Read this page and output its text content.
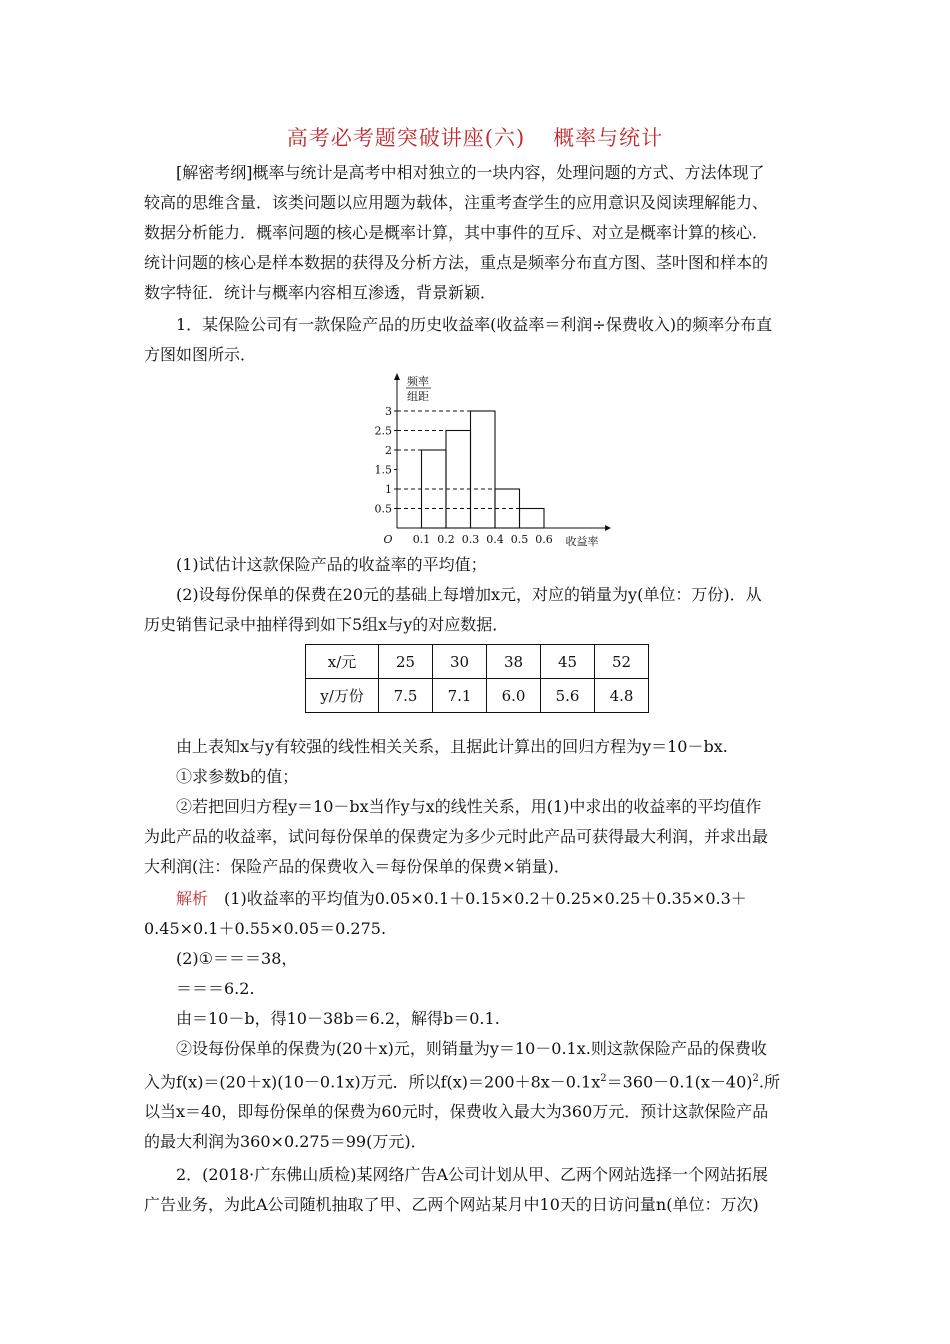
高考必考题突破讲座(六) 概率与统计

[解密考纲]概率与统计是高考中相对独立的一块内容，处理问题的方式、方法体现了

较高的思维含量．该类问题以应用题为载体，注重考查学生的应用意识及阅读理解能力、

数据分析能力．概率问题的核心是概率计算，其中事件的互斥、对立是概率计算的核心．

统计问题的核心是样本数据的获得及分析方法，重点是频率分布直方图、茎叶图和样本的

数字特征．统计与概率内容相互渗透，背景新颖．

1．某保险公司有一款保险产品的历史收益率(收益率＝利润÷保费收入)的频率分布直

方图如图所示．

频率
组距
0.5
1
1.5
2
2.5
3
0.1 0.2 0.3 0.4 0.5 0.6
O	收益率

(1)试估计这款保险产品的收益率的平均值；

(2)设每份保单的保费在20元的基础上每增加x元，对应的销量为y(单位：万份)．从

历史销售记录中抽样得到如下5组x与y的对应数据．

x/元	25	30	38	45	52
y/万份	7.5	7.1	6.0	5.6	4.8

由上表知x与y有较强的线性相关关系，且据此计算出的回归方程为y＝10－bx.

①求参数b的值；

②若把回归方程y＝10－bx当作y与x的线性关系，用(1)中求出的收益率的平均值作

为此产品的收益率，试问每份保单的保费定为多少元时此产品可获得最大利润，并求出最

大利润(注：保险产品的保费收入＝每份保单的保费×销量)．

解析　 (1)收益率的平均值为0.05×0.1＋0.15×0.2＋0.25×0.25＋0.35×0.3＋

0.45×0.1＋0.55×0.05＝0.275.

(2)①＝＝＝38，

＝＝＝6.2.

由＝10－b，得10－38b＝6.2，解得b＝0.1.

②设每份保单的保费为(20＋x)元，则销量为y＝10－0.1x.则这款保险产品的保费收

入为f(x)＝(20＋x)(10－0.1x)万元．所以$f(x)=200+8x-0.1x^2=360-0.1(x-40)^2$.所

以当x＝40，即每份保单的保费为60元时，保费收入最大为360万元．预计这款保险产品

的最大利润为360×0.275＝99(万元)．

2．(2018·广东佛山质检)某网络广告A公司计划从甲、乙两个网站选择一个网站拓展

广告业务，为此A公司随机抽取了甲、乙两个网站某月中10天的日访问量n(单位：万次)
